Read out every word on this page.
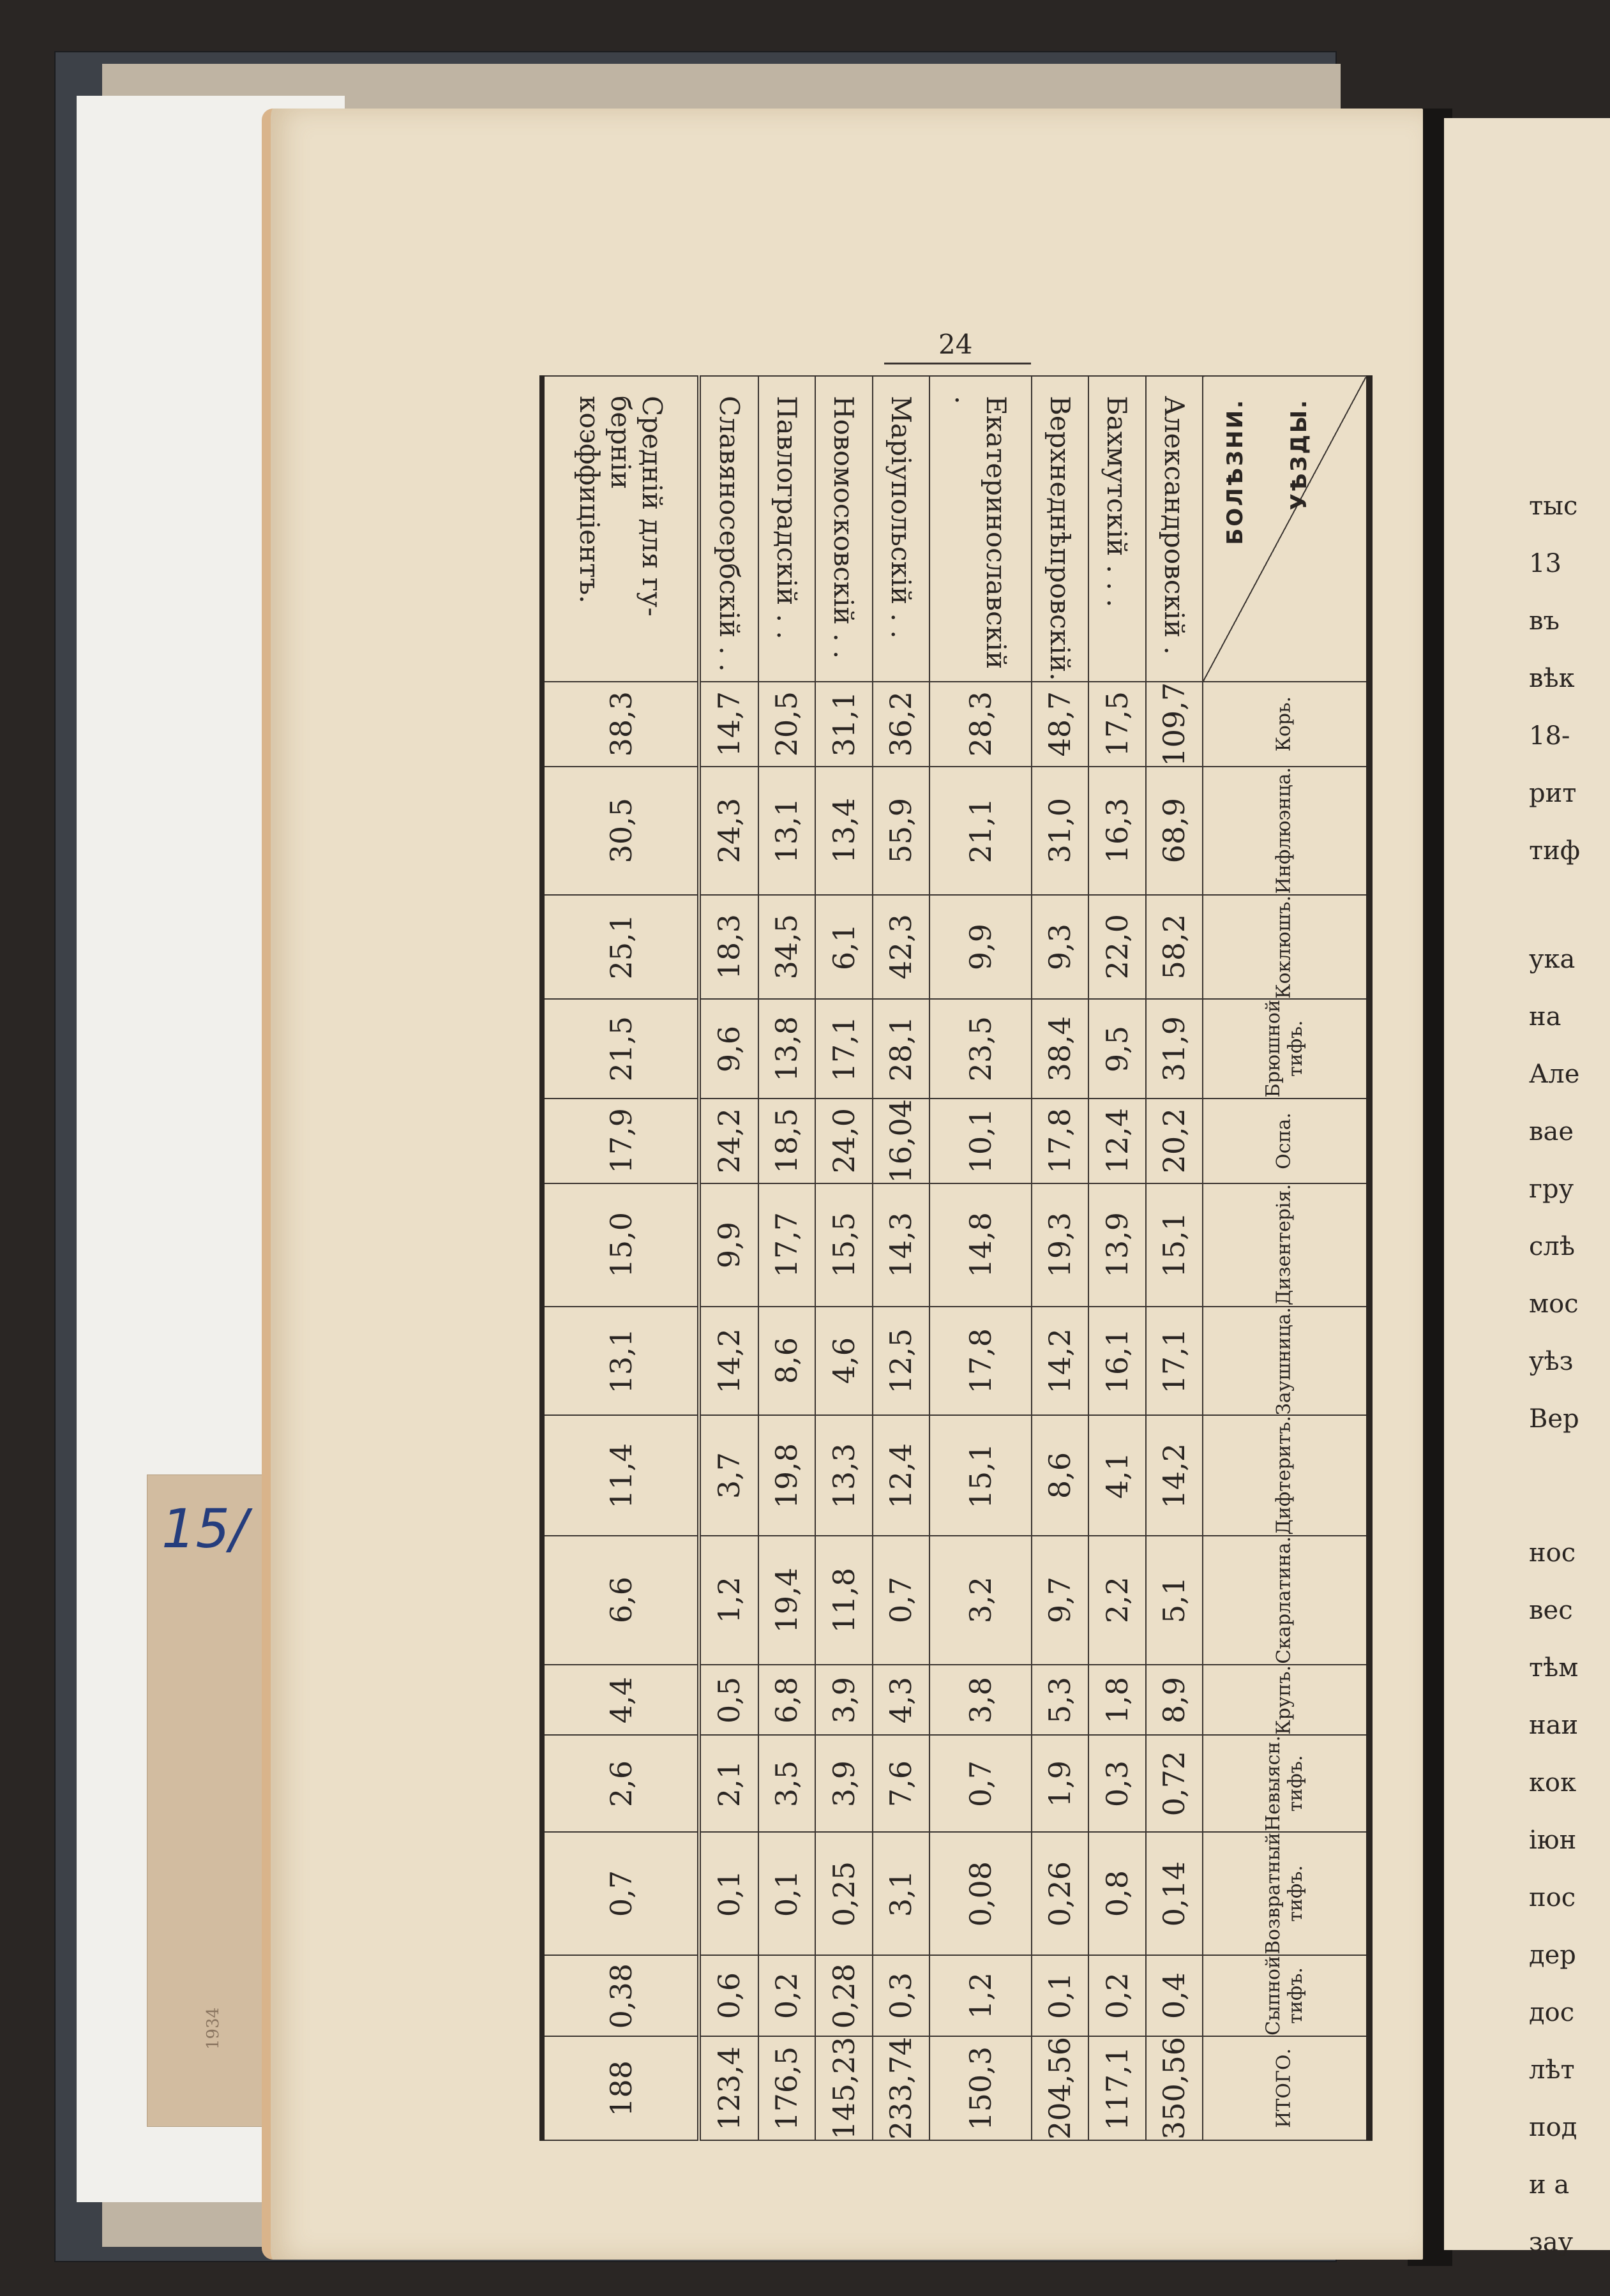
15/
1934
тыс
13
въ
вѣк
18-
рит
тиф
ука
на
Але
вае
гру
слѣ
мос
уѣз
Вер
нос
вес
тѣм
наи
кок
іюн
пос
дер
дос
лѣт
под
и а
зау
24
БОЛѢЗНИ. УѢЗДЫ.	Корь.	Инфлюэнца.	Коклюшъ.	Брюшной тифъ.	Оспа.	Дизентерія.	Заушница.	Дифтеритъ.	Скарлатина.	Крупъ.	Невыясн. тифъ.	Возвратный тифъ.	Сыпной тифъ.	ИТОГО.
Александровскій .	109,7	68,9	58,2	31,9	20,2	15,1	17,1	14,2	5,1	8,9	0,72	0,14	0,4	350,56
Бахмутскій . . .	17,5	16,3	22,0	9,5	12,4	13,9	16,1	4,1	2,2	1,8	0,3	0,8	0,2	117,1
Верхнеднѣпровскій.	48,7	31,0	9,3	38,4	17,8	19,3	14,2	8,6	9,7	5,3	1,9	0,26	0,1	204,56
Екатеринославскій .	28,3	21,1	9,9	23,5	10,1	14,8	17,8	15,1	3,2	3,8	0,7	0,08	1,2	150,3
Маріупольскій . .	36,2	55,9	42,3	28,1	16,04	14,3	12,5	12,4	0,7	4,3	7,6	3,1	0,3	233,74
Новомосковскій . .	31,1	13,4	6,1	17,1	24,0	15,5	4,6	13,3	11,8	3,9	3,9	0,25	0,28	145,23
Павлоградскій . .	20,5	13,1	34,5	13,8	18,5	17,7	8,6	19,8	19,4	6,8	3,5	0,1	0,2	176,5
Славяносербскій . .	14,7	24,3	18,3	9,6	24,2	9,9	14,2	3,7	1,2	0,5	2,1	0,1	0,6	123,4
Средній для гу-
берніи коэффиціентъ.	38,3	30,5	25,1	21,5	17,9	15,0	13,1	11,4	6,6	4,4	2,6	0,7	0,38	188
